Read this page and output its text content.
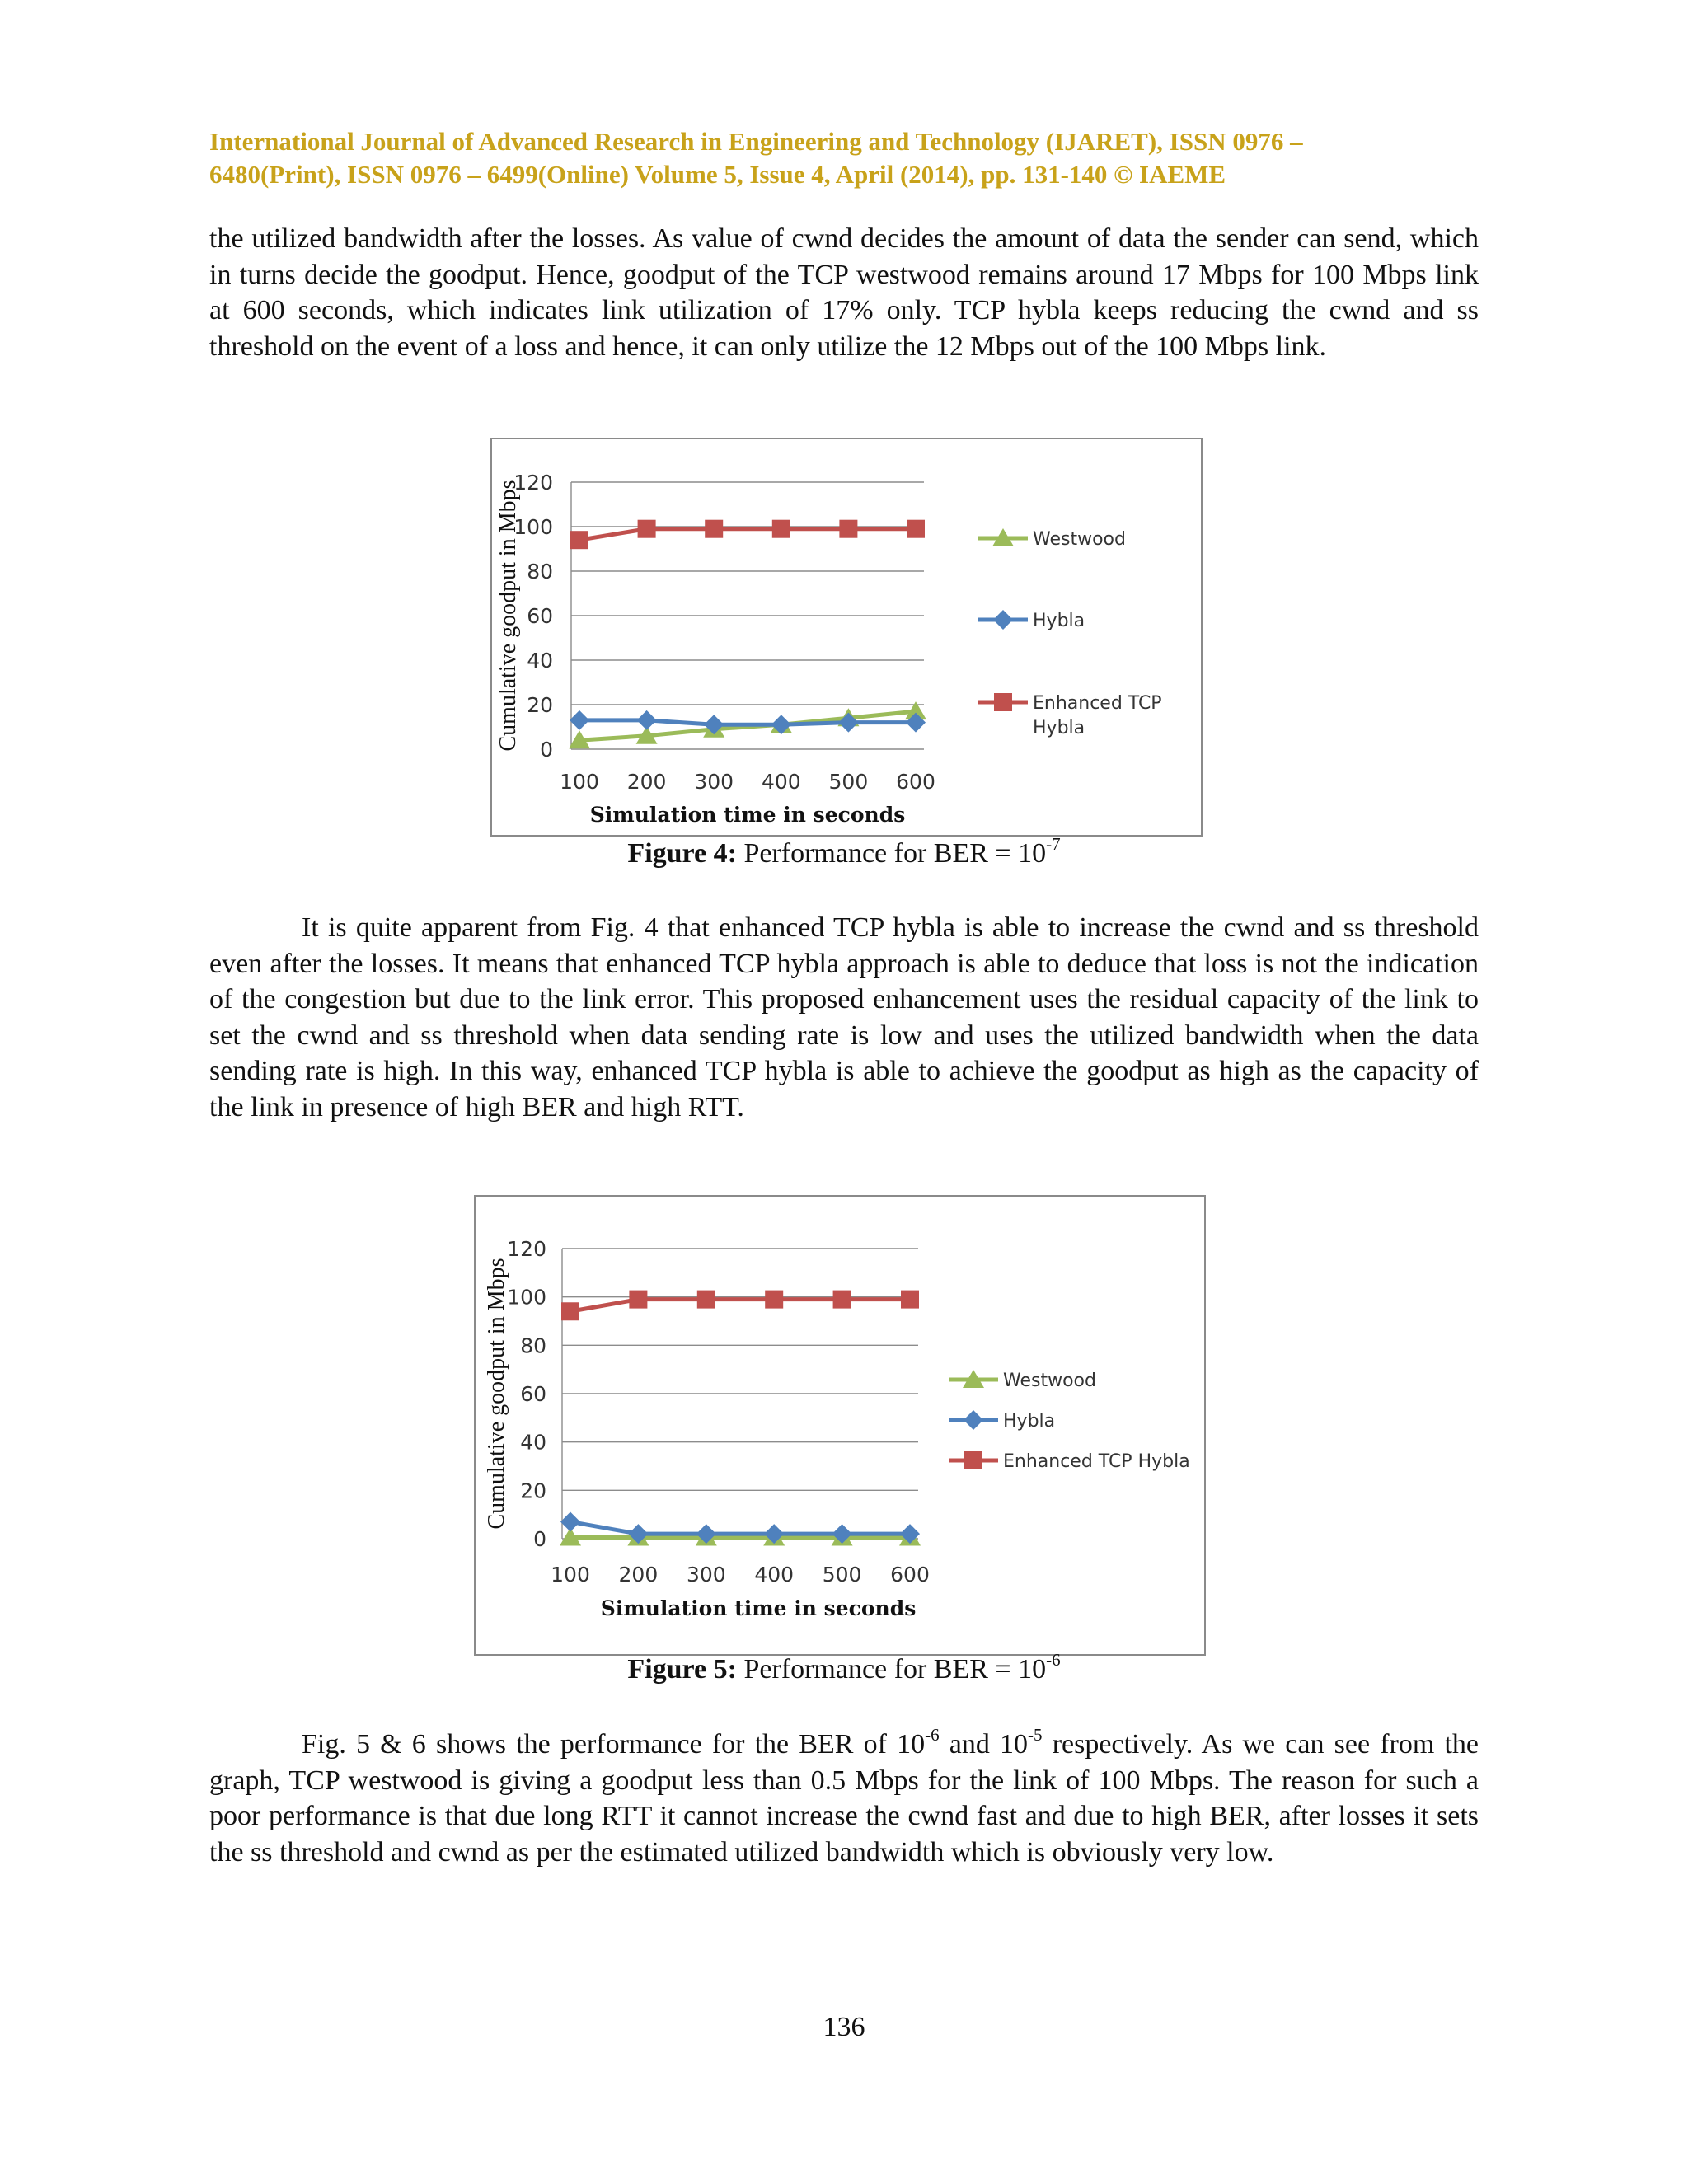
International Journal of Advanced Research in Engineering and Technology (IJARET), ISSN 0976 –

6480(Print), ISSN 0976 – 6499(Online) Volume 5, Issue 4, April (2014), pp. 131-140 © IAEME

the utilized bandwidth after the losses. As value of cwnd decides the amount of data the sender can send, which in turns decide the goodput. Hence, goodput of the TCP westwood remains around 17 Mbps for 100 Mbps link at 600 seconds, which indicates link utilization of 17% only. TCP hybla keeps reducing the cwnd and ss threshold on the event of a loss and hence, it can only utilize the 12 Mbps out of the 100 Mbps link.

0
20
40
60
80
100
120
100 200 300 400 500 600
Simulation time in seconds
Cumulative goodput in Mbps	Westwood
Hybla
Enhanced TCP Hybla
Figure 4: Performance for BER = $10^{-7}$

It is quite apparent from Fig. 4 that enhanced TCP hybla is able to increase the cwnd and ss threshold even after the losses. It means that enhanced TCP hybla approach is able to deduce that loss is not the indication of the congestion but due to the link error. This proposed enhancement uses the residual capacity of the link to set the cwnd and ss threshold when data sending rate is low and uses the utilized bandwidth when the data sending rate is high. In this way, enhanced TCP hybla is able to achieve the goodput as high as the capacity of the link in presence of high BER and high RTT.

0
20
40
60
80
100
120
100 200 300 400 500 600
Simulation time in seconds
Cumulative goodput in Mbps	Westwood
Hybla
Enhanced TCP Hybla
Figure 5: Performance for BER = $10^{-6}$

Fig. 5 & 6 shows the performance for the BER of $10^{-6}$ and $10^{-5}$ respectively. As we can see from the graph, TCP westwood is giving a goodput less than 0.5 Mbps for the link of 100 Mbps. The reason for such a poor performance is that due long RTT it cannot increase the cwnd fast and due to high BER, after losses it sets the ss threshold and cwnd as per the estimated utilized bandwidth which is obviously very low.

136
